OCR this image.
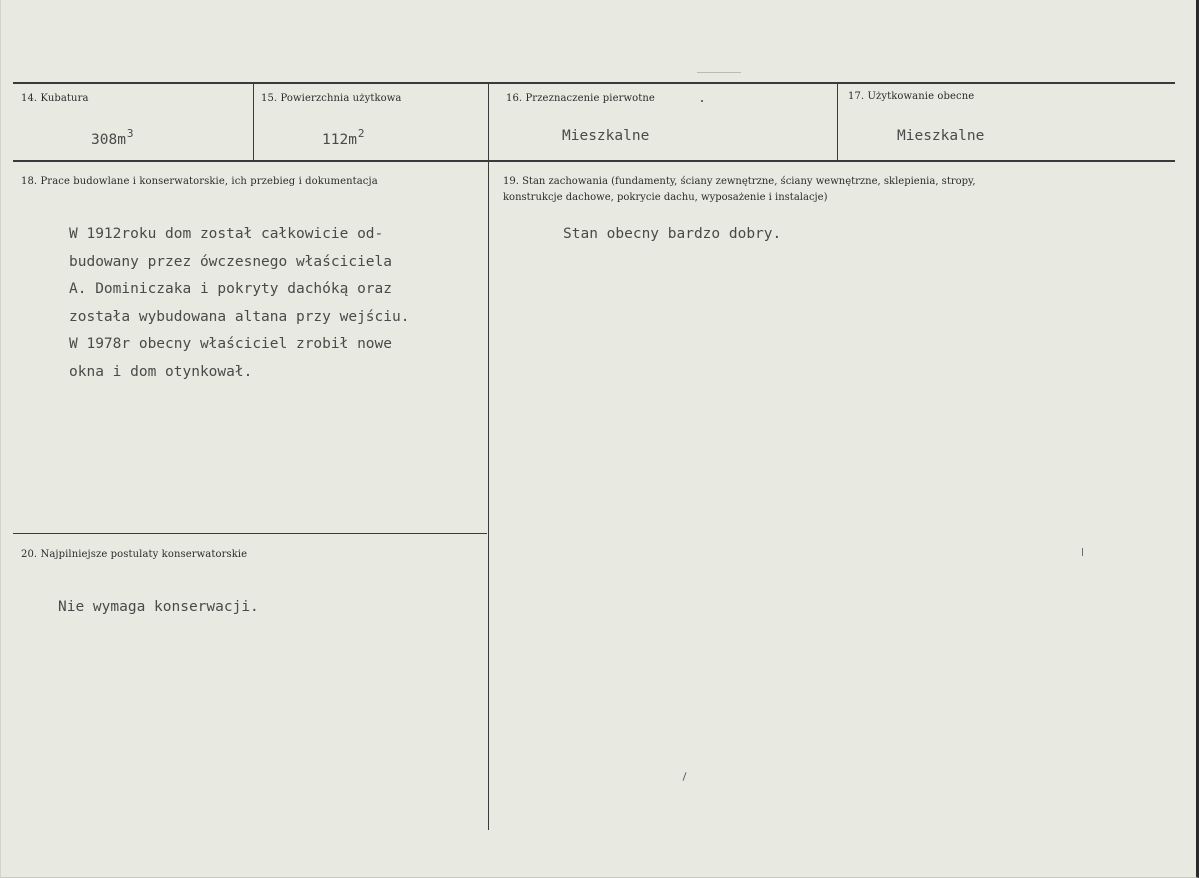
14. Kubatura
$308m^3$
15. Powierzchnia użytkowa
$112m^2$
16. Przeznaczenie pierwotne
Mieszkalne
17. Użytkowanie obecne
Mieszkalne
18. Prace budowlane i konserwatorskie, ich przebieg i dokumentacja
W 1912roku dom został całkowicie od-
budowany przez ówczesnego właściciela
A. Dominiczaka i pokryty dachóką oraz
została wybudowana altana przy wejściu.
W 1978r obecny właściciel zrobił nowe
okna i dom otynkował.
19. Stan zachowania (fundamenty, ściany zewnętrzne, ściany wewnętrzne, sklepienia, stropy,
konstrukcje dachowe, pokrycie dachu, wyposażenie i instalacje)
Stan obecny bardzo dobry.
20. Najpilniejsze postulaty konserwatorskie
Nie wymaga konserwacji.
